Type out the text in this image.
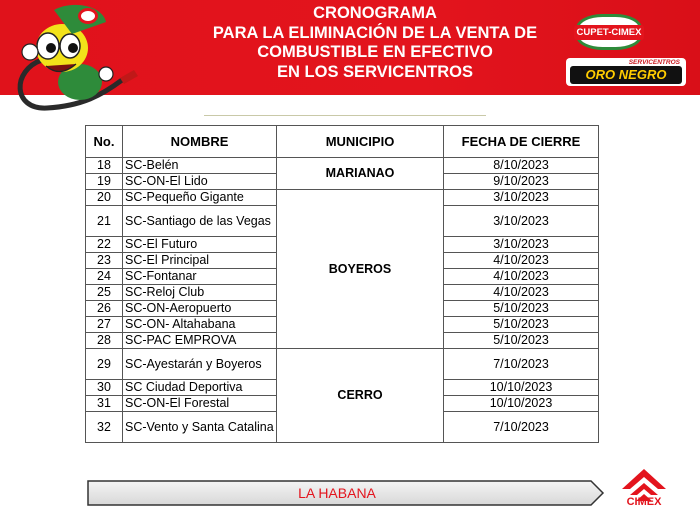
CRONOGRAMA
PARA LA ELIMINACIÓN DE LA VENTA DE
COMBUSTIBLE EN EFECTIVO
EN LOS SERVICENTROS
CUPET-CIMEX
SERVICENTROS
ORO NEGRO
No.	NOMBRE	MUNICIPIO	FECHA DE CIERRE
18	SC-Belén	MARIANAO	8/10/2023
19	SC-ON-El Lido		9/10/2023
20	SC-Pequeño Gigante	BOYEROS	3/10/2023
21	SC-Santiago de las Vegas		3/10/2023
22	SC-El Futuro		3/10/2023
23	SC-El Principal		4/10/2023
24	SC-Fontanar		4/10/2023
25	SC-Reloj Club		4/10/2023
26	SC-ON-Aeropuerto		5/10/2023
27	SC-ON- Altahabana		5/10/2023
28	SC-PAC EMPROVA		5/10/2023
29	SC-Ayestarán y Boyeros	CERRO	7/10/2023
30	SC Ciudad Deportiva		10/10/2023
31	SC-ON-El Forestal		10/10/2023
32	SC-Vento y Santa Catalina		7/10/2023
LA HABANA
CIMEX
